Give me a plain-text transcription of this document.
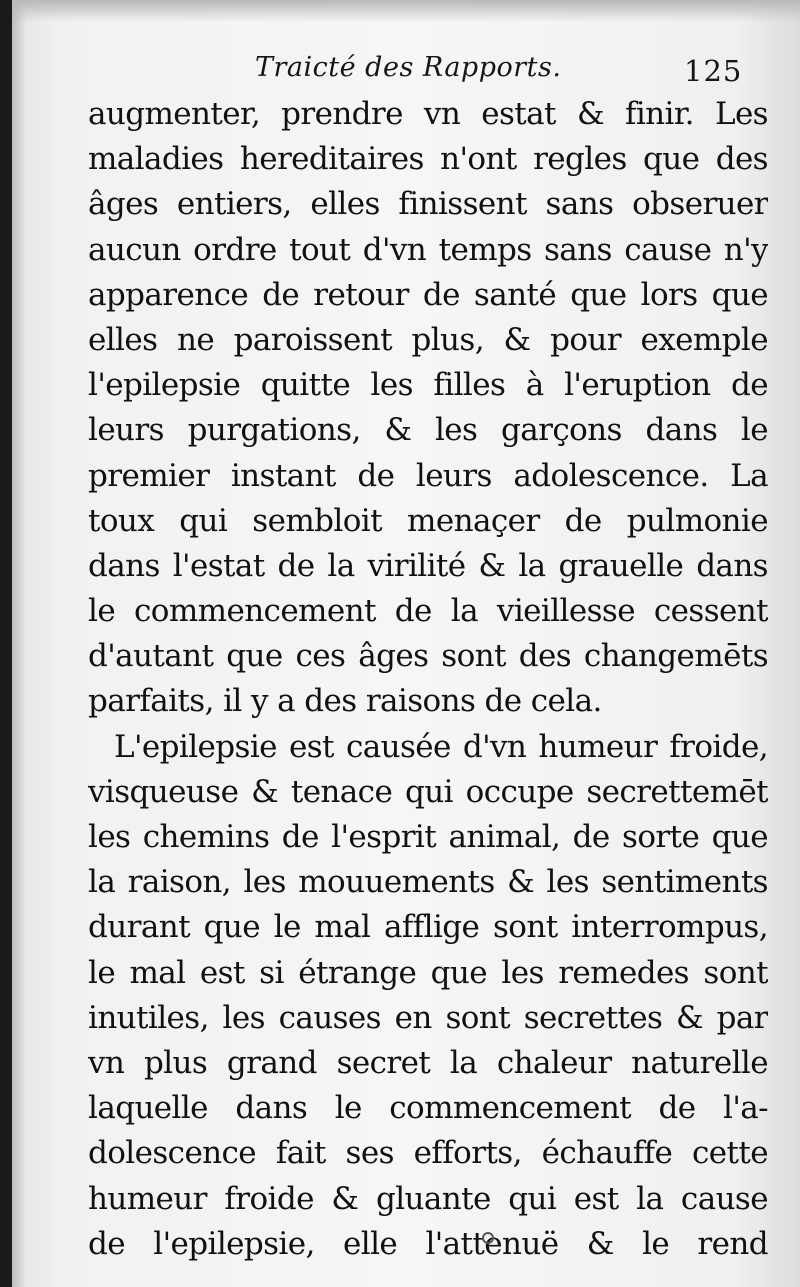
Traicté des Rapports.	125
augmenter, prendre vn estat & finir. Les
maladies hereditaires n'ont regles que des
âges entiers, elles finissent sans obseruer
aucun ordre tout d'vn temps sans cause n'y
apparence de retour de santé que lors que
elles ne paroissent plus, & pour exemple
l'epilepsie quitte les filles à l'eruption de
leurs purgations, & les garçons dans le
premier instant de leurs adolescence. La
toux qui sembloit menaçer de pulmonie
dans l'estat de la virilité & la grauelle dans
le commencement de la vieillesse cessent
d'autant que ces âges sont des changemēts
parfaits, il y a des raisons de cela.
L'epilepsie est causée d'vn humeur froide,
visqueuse & tenace qui occupe secrettemēt
les chemins de l'esprit animal, de sorte que
la raison, les mouuements & les sentiments
durant que le mal afflige sont interrompus,
le mal est si étrange que les remedes sont
inutiles, les causes en sont secrettes & par
vn plus grand secret la chaleur naturelle
laquelle dans le commencement de l'a-
dolescence fait ses efforts, échauffe cette
humeur froide & gluante qui est la cause
de l'epilepsie, elle l'attenuë & le rend
